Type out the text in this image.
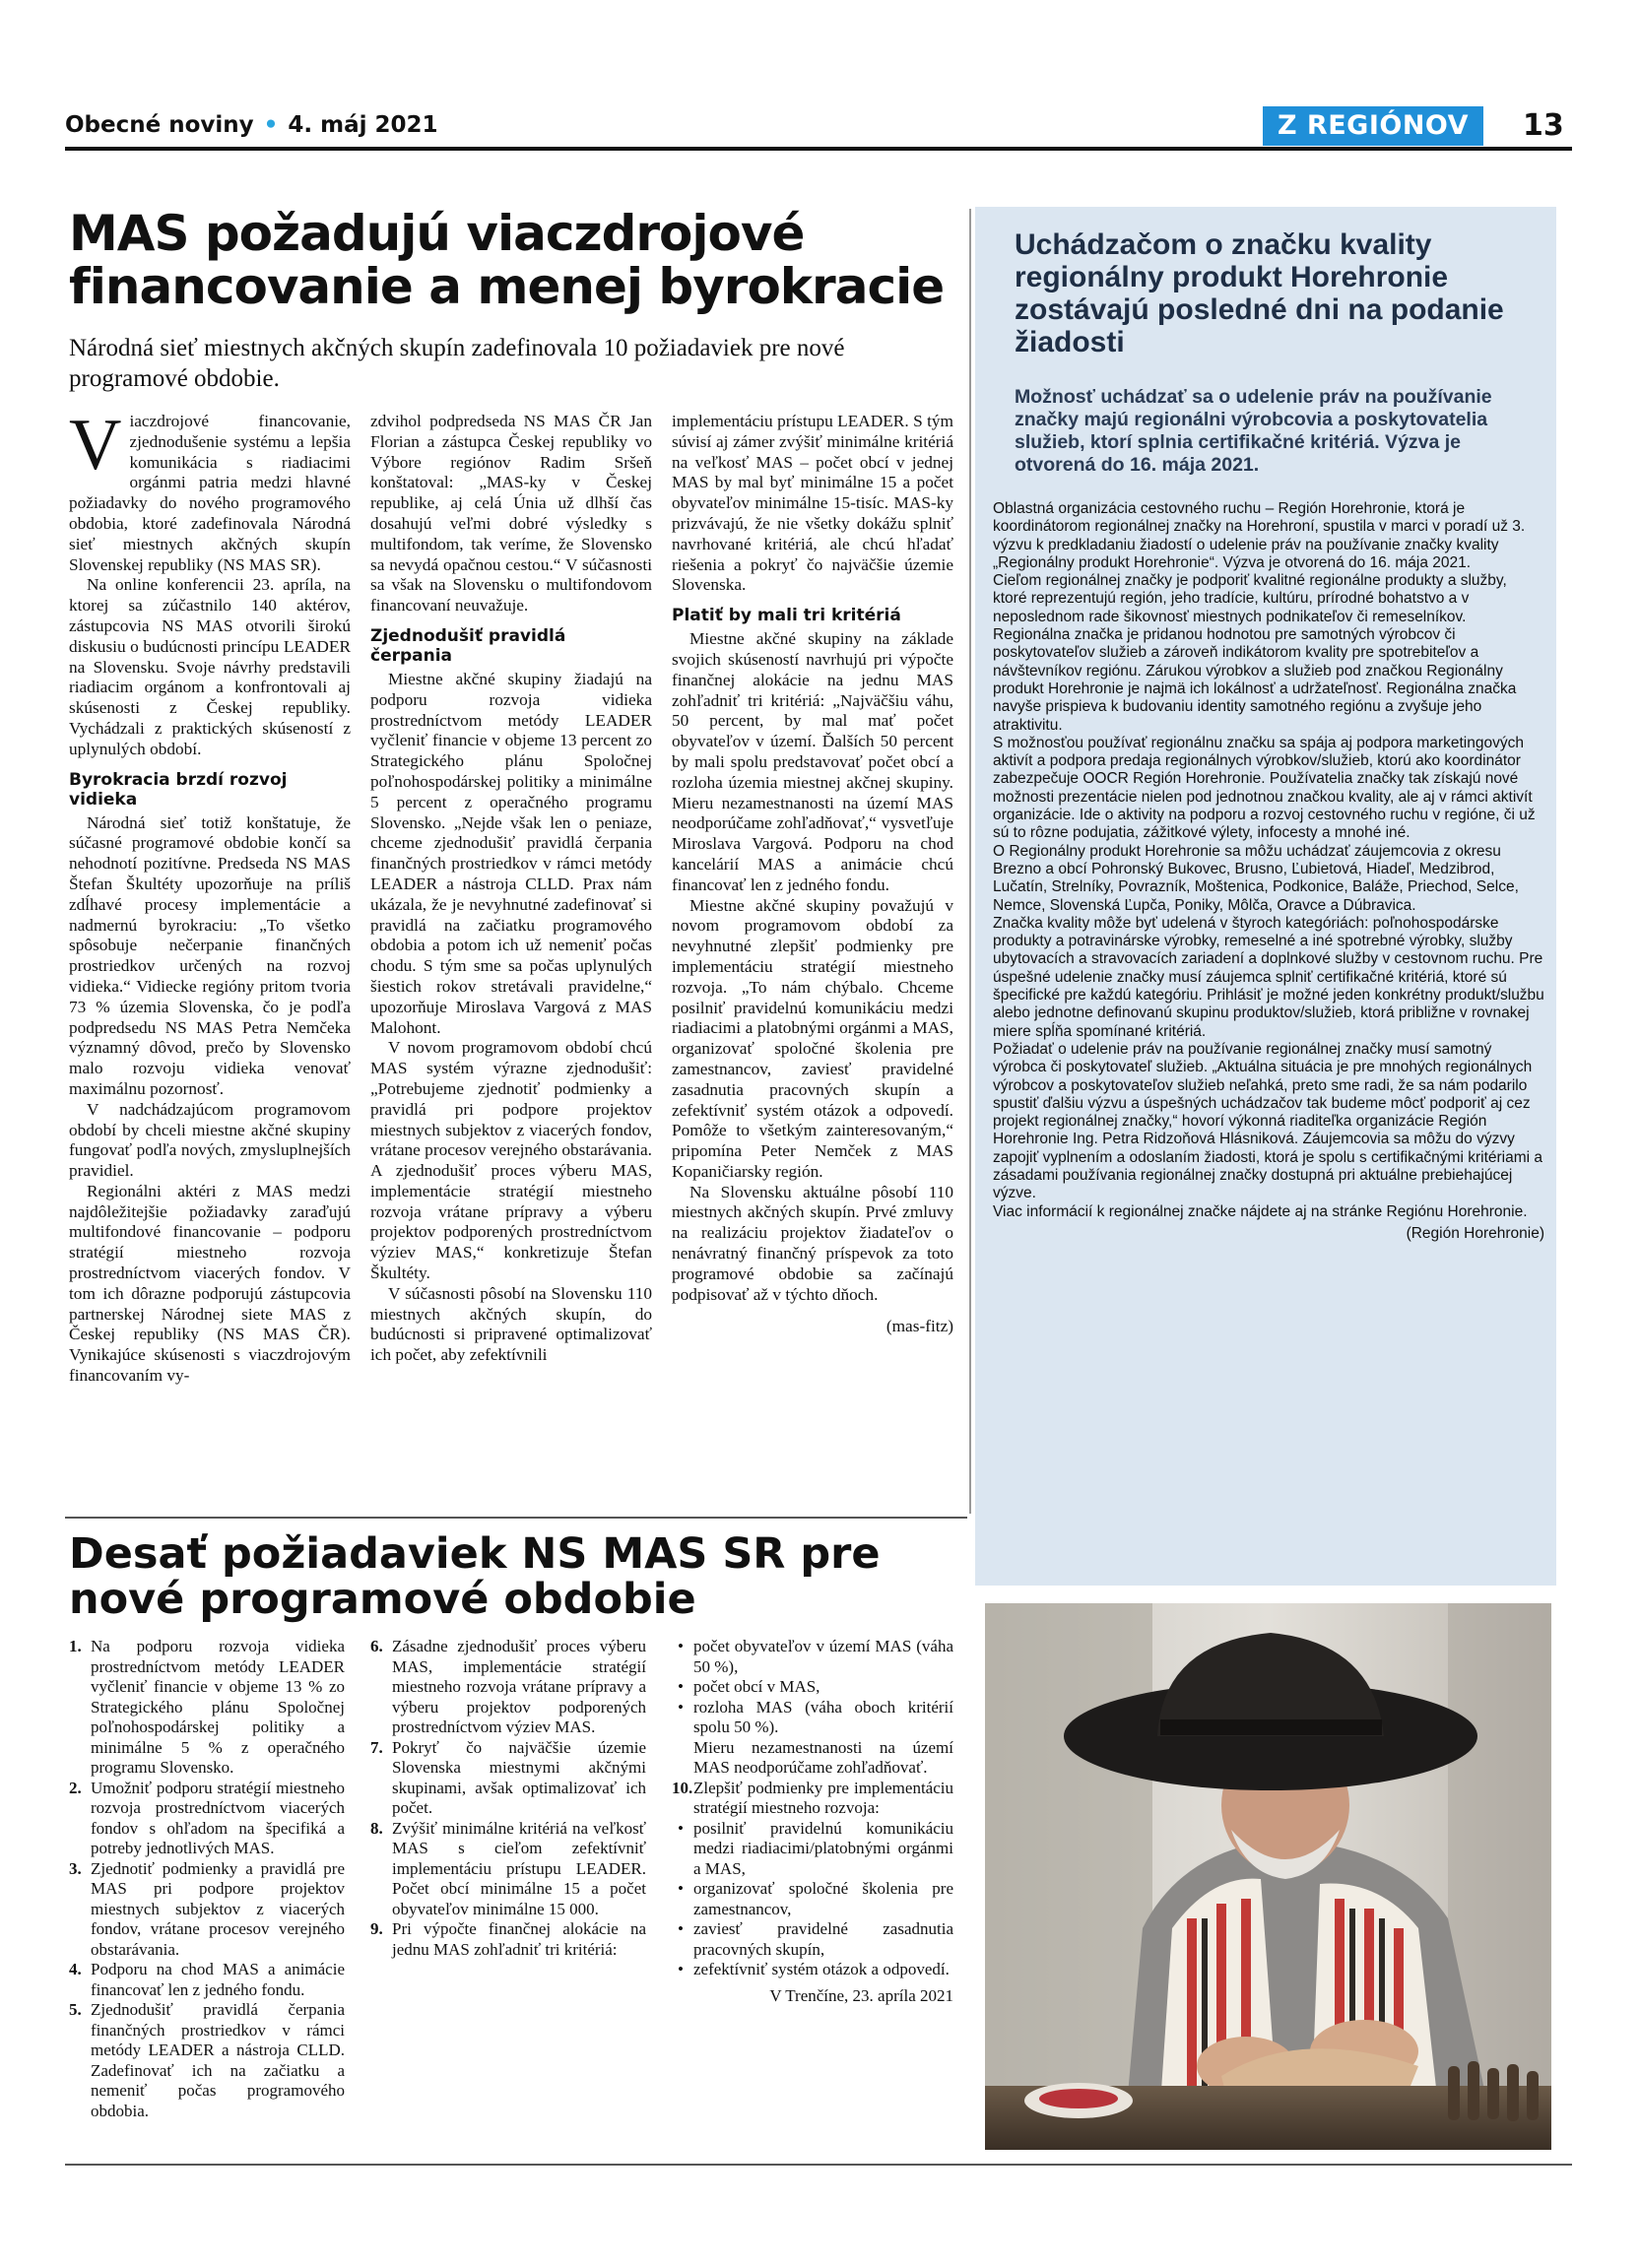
Obecné noviny • 4. máj 2021	Z REGIÓNOV	13
MAS požadujú viaczdrojové financovanie a menej byrokracie
Národná sieť miestnych akčných skupín zadefinovala 10 požiadaviek pre nové programové obdobie.

Viaczdrojové financovanie, zjednodušenie systému a lepšia komunikácia s riadiacimi orgánmi patria medzi hlavné požiadavky do nového programového obdobia, ktoré zadefinovala Národná sieť miestnych akčných skupín Slovenskej republiky (NS MAS SR).

Na online konferencii 23. apríla, na ktorej sa zúčastnilo 140 aktérov, zástupcovia NS MAS otvorili širokú diskusiu o budúcnosti princípu LEADER na Slovensku. Svoje návrhy predstavili riadiacim orgánom a konfrontovali aj skúsenosti z Českej republiky. Vychádzali z praktických skúseností z uplynulých období.

Byrokracia brzdí rozvoj vidieka

Národná sieť totiž konštatuje, že súčasné programové obdobie končí sa nehodnotí pozitívne. Predseda NS MAS Štefan Škultéty upozorňuje na príliš zdĺhavé procesy implementácie a nadmernú byrokraciu: „To všetko spôsobuje nečerpanie finančných prostriedkov určených na rozvoj vidieka.“ Vidiecke regióny pritom tvoria 73 % územia Slovenska, čo je podľa podpredsedu NS MAS Petra Nemčeka významný dôvod, prečo by Slovensko malo rozvoju vidieka venovať maximálnu pozornosť.

V nadchádzajúcom programovom období by chceli miestne akčné skupiny fungovať podľa nových, zmysluplnejších pravidiel.

Regionálni aktéri z MAS medzi najdôležitejšie požiadavky zaraďujú multifondové financovanie – podporu stratégií miestneho rozvoja prostredníctvom viacerých fondov. V tom ich dôrazne podporujú zástupcovia partnerskej Národnej siete MAS z Českej republiky (NS MAS ČR). Vynikajúce skúsenosti s viaczdrojovým financovaním vy-

zdvihol podpredseda NS MAS ČR Jan Florian a zástupca Českej republiky vo Výbore regiónov Radim Sršeň konštatoval: „MAS-ky v Českej republike, aj celá Únia už dlhší čas dosahujú veľmi dobré výsledky s multifondom, tak veríme, že Slovensko sa nevydá opačnou cestou.“ V súčasnosti sa však na Slovensku o multifondovom financovaní neuvažuje.

Zjednodušiť pravidlá čerpania

Miestne akčné skupiny žiadajú na podporu rozvoja vidieka prostredníctvom metódy LEADER vyčleniť financie v objeme 13 percent zo Strategického plánu Spoločnej poľnohospodárskej politiky a minimálne 5 percent z operačného programu Slovensko. „Nejde však len o peniaze, chceme zjednodušiť pravidlá čerpania finančných prostriedkov v rámci metódy LEADER a nástroja CLLD. Prax nám ukázala, že je nevyhnutné zadefinovať si pravidlá na začiatku programového obdobia a potom ich už nemeniť počas chodu. S tým sme sa počas uplynulých šiestich rokov stretávali pravidelne,“ upozorňuje Miroslava Vargová z MAS Malohont.

V novom programovom období chcú MAS systém výrazne zjednodušiť: „Potrebujeme zjednotiť podmienky a pravidlá pri podpore projektov miestnych subjektov z viacerých fondov, vrátane procesov verejného obstarávania. A zjednodušiť proces výberu MAS, implementácie stratégií miestneho rozvoja vrátane prípravy a výberu projektov podporených prostredníctvom výziev MAS,“ konkretizuje Štefan Škultéty.

V súčasnosti pôsobí na Slovensku 110 miestnych akčných skupín, do budúcnosti si pripravené optimalizovať ich počet, aby zefektívnili

implementáciu prístupu LEADER. S tým súvisí aj zámer zvýšiť minimálne kritériá na veľkosť MAS – počet obcí v jednej MAS by mal byť minimálne 15 a počet obyvateľov minimálne 15-tisíc. MAS-ky prizvávajú, že nie všetky dokážu splniť navrhované kritériá, ale chcú hľadať riešenia a pokryť čo najväčšie územie Slovenska.

Platiť by mali tri kritériá

Miestne akčné skupiny na základe svojich skúseností navrhujú pri výpočte finančnej alokácie na jednu MAS zohľadniť tri kritériá: „Najväčšiu váhu, 50 percent, by mal mať počet obyvateľov v území. Ďalších 50 percent by mali spolu predstavovať počet obcí a rozloha územia miestnej akčnej skupiny. Mieru nezamestnanosti na území MAS neodporúčame zohľadňovať,“ vysvetľuje Miroslava Vargová. Podporu na chod kancelárií MAS a animácie chcú financovať len z jedného fondu.

Miestne akčné skupiny považujú v novom programovom období za nevyhnutné zlepšiť podmienky pre implementáciu stratégií miestneho rozvoja. „To nám chýbalo. Chceme posilniť pravidelnú komunikáciu medzi riadiacimi a platobnými orgánmi a MAS, organizovať spoločné školenia pre zamestnancov, zaviesť pravidelné zasadnutia pracovných skupín a zefektívniť systém otázok a odpovedí. Pomôže to všetkým zainteresovaným,“ pripomína Peter Nemček z MAS Kopaničiarsky región.

Na Slovensku aktuálne pôsobí 110 miestnych akčných skupín. Prvé zmluvy na realizáciu projektov žiadateľov o nenávratný finančný príspevok za toto programové obdobie sa začínajú podpisovať až v týchto dňoch.

(mas-fitz)
Desať požiadaviek NS MAS SR pre nové programové obdobie
1. Na podporu rozvoja vidieka prostredníctvom metódy LEADER vyčleniť financie v objeme 13 % zo Strategického plánu Spoločnej poľnohospodárskej politiky a minimálne 5 % z operačného programu Slovensko.
2. Umožniť podporu stratégií miestneho rozvoja prostredníctvom viacerých fondov s ohľadom na špecifiká a potreby jednotlivých MAS.
3. Zjednotiť podmienky a pravidlá pre MAS pri podpore projektov miestnych subjektov z viacerých fondov, vrátane procesov verejného obstarávania.
4. Podporu na chod MAS a animácie financovať len z jedného fondu.
5. Zjednodušiť pravidlá čerpania finančných prostriedkov v rámci metódy LEADER a nástroja CLLD. Zadefinovať ich na začiatku a nemeniť počas programového obdobia.
6. Zásadne zjednodušiť proces výberu MAS, implementácie stratégií miestneho rozvoja vrátane prípravy a výberu projektov podporených prostredníctvom výziev MAS.
7. Pokryť čo najväčšie územie Slovenska miestnymi akčnými skupinami, avšak optimalizovať ich počet.
8. Zvýšiť minimálne kritériá na veľkosť MAS s cieľom zefektívniť implementáciu prístupu LEADER. Počet obcí minimálne 15 a počet obyvateľov minimálne 15 000.
9. Pri výpočte finančnej alokácie na jednu MAS zohľadniť tri kritériá:
• počet obyvateľov v území MAS (váha 50 %),
• počet obcí v MAS,
• rozloha MAS (váha oboch kritérií spolu 50 %).

Mieru nezamestnanosti na území MAS neodporúčame zohľadňovať.

10. Zlepšiť podmienky pre implementáciu stratégií miestneho rozvoja:
• posilniť pravidelnú komunikáciu medzi riadiacimi/platobnými orgánmi a MAS,
• organizovať spoločné školenia pre zamestnancov,
• zaviesť pravidelné zasadnutia pracovných skupín,
• zefektívniť systém otázok a odpovedí.
V Trenčíne, 23. apríla 2021
Uchádzačom o značku kvality regionálny produkt Horehronie zostávajú posledné dni na podanie žiadosti
Možnosť uchádzať sa o udelenie práv na používanie značky majú regionálni výrobcovia a poskytovatelia služieb, ktorí splnia certifikačné kritériá. Výzva je otvorená do 16. mája 2021.

Oblastná organizácia cestovného ruchu – Región Horehronie, ktorá je koordinátorom regionálnej značky na Horehroní, spustila v marci v poradí už 3. výzvu k predkladaniu žiadostí o udelenie práv na používanie značky kvality „Regionálny produkt Horehronie“. Výzva je otvorená do 16. mája 2021.

Cieľom regionálnej značky je podporiť kvalitné regionálne produkty a služby, ktoré reprezentujú región, jeho tradície, kultúru, prírodné bohatstvo a v neposlednom rade šikovnosť miestnych podnikateľov či remeselníkov. Regionálna značka je pridanou hodnotou pre samotných výrobcov či poskytovateľov služieb a zároveň indikátorom kvality pre spotrebiteľov a návštevníkov regiónu. Zárukou výrobkov a služieb pod značkou Regionálny produkt Horehronie je najmä ich lokálnosť a udržateľnosť. Regionálna značka navyše prispieva k budovaniu identity samotného regiónu a zvyšuje jeho atraktivitu.

S možnosťou používať regionálnu značku sa spája aj podpora marketingových aktivít a podpora predaja regionálnych výrobkov/služieb, ktorú ako koordinátor zabezpečuje OOCR Región Horehronie. Používatelia značky tak získajú nové možnosti prezentácie nielen pod jednotnou značkou kvality, ale aj v rámci aktivít organizácie. Ide o aktivity na podporu a rozvoj cestovného ruchu v regióne, či už sú to rôzne podujatia, zážitkové výlety, infocesty a mnohé iné.

O Regionálny produkt Horehronie sa môžu uchádzať záujemcovia z okresu Brezno a obcí Pohronský Bukovec, Brusno, Ľubietová, Hiadeľ, Medzibrod, Lučatín, Strelníky, Povrazník, Moštenica, Podkonice, Baláže, Priechod, Selce, Nemce, Slovenská Ľupča, Poniky, Môlča, Oravce a Dúbravica.

Značka kvality môže byť udelená v štyroch kategóriách: poľnohospodárske produkty a potravinárske výrobky, remeselné a iné spotrebné výrobky, služby ubytovacích a stravovacích zariadení a doplnkové služby v cestovnom ruchu. Pre úspešné udelenie značky musí záujemca splniť certifikačné kritériá, ktoré sú špecifické pre každú kategóriu. Prihlásiť je možné jeden konkrétny produkt/službu alebo jednotne definovanú skupinu produktov/služieb, ktorá približne v rovnakej miere spĺňa spomínané kritériá.

Požiadať o udelenie práv na používanie regionálnej značky musí samotný výrobca či poskytovateľ služieb. „Aktuálna situácia je pre mnohých regionálnych výrobcov a poskytovateľov služieb neľahká, preto sme radi, že sa nám podarilo spustiť ďalšiu výzvu a úspešných uchádzačov tak budeme môcť podporiť aj cez projekt regionálnej značky,“ hovorí výkonná riaditeľka organizácie Región Horehronie Ing. Petra Ridzoňová Hlásniková. Záujemcovia sa môžu do výzvy zapojiť vyplnením a odoslaním žiadosti, ktorá je spolu s certifikačnými kritériami a zásadami používania regionálnej značky dostupná pri aktuálne prebiehajúcej výzve.

Viac informácií k regionálnej značke nájdete aj na stránke Regiónu Horehronie.

(Región Horehronie)
